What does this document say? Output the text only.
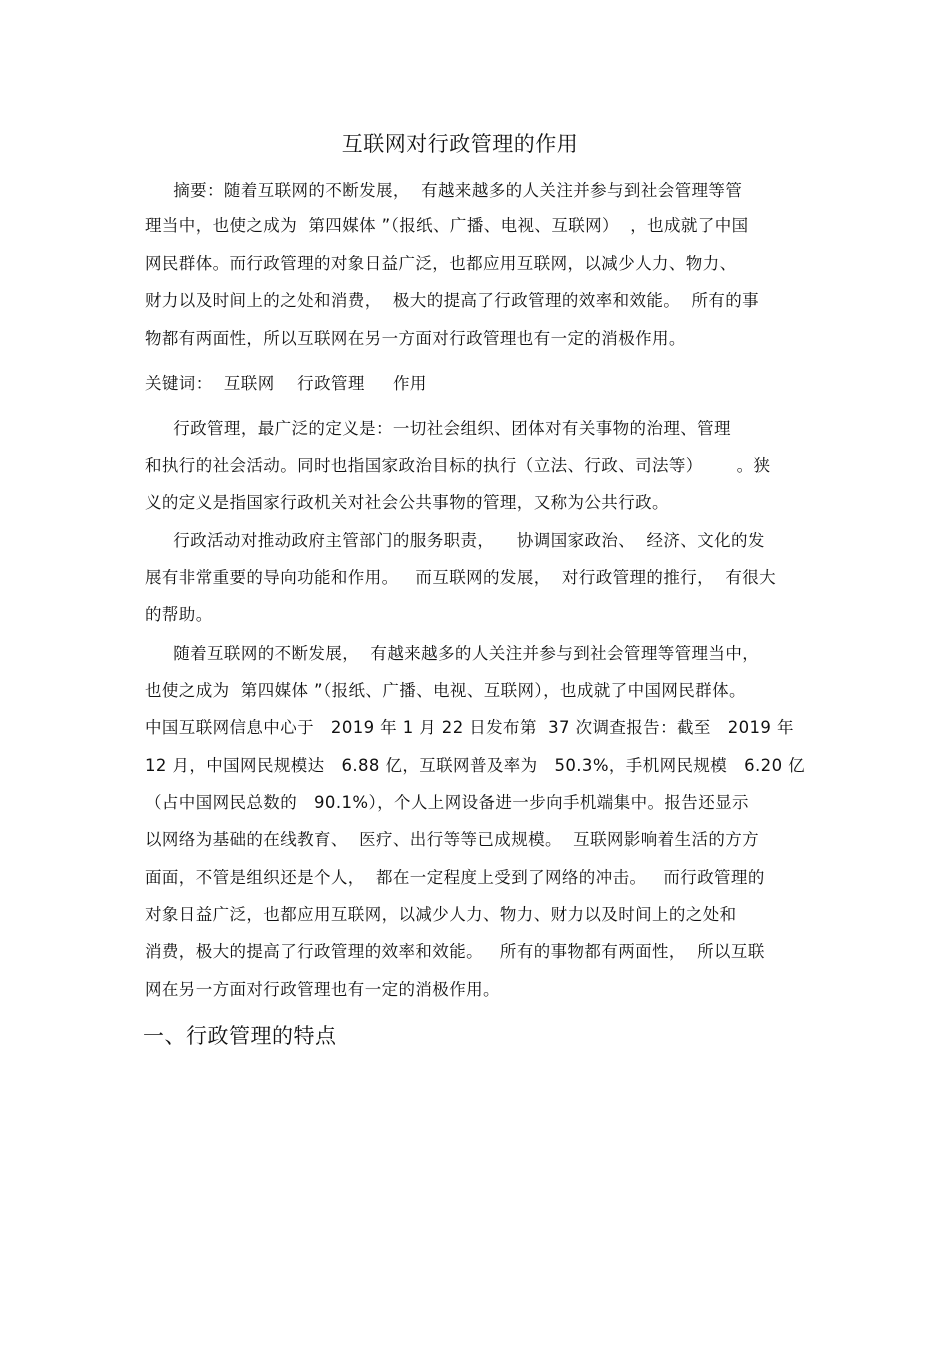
互联网对行政管理的作用
摘要：随着互联网的不断发展，  有越来越多的人关注并参与到社会管理等管
理当中，也使之成为  第四媒体 ”（报纸、广播、电视、互联网）  ，也成就了中国
网民群体。而行政管理的对象日益广泛，也都应用互联网，以减少人力、物力、
财力以及时间上的之处和消费，  极大的提高了行政管理的效率和效能。  所有的事
物都有两面性，所以互联网在另一方面对行政管理也有一定的消极作用。
关键词：  互联网    行政管理     作用
行政管理，最广泛的定义是：一切社会组织、团体对有关事物的治理、管理
和执行的社会活动。同时也指国家政治目标的执行（立法、行政、司法等）      。狭
义的定义是指国家行政机关对社会公共事物的管理，又称为公共行政。
行政活动对推动政府主管部门的服务职责，    协调国家政治、  经济、文化的发
展有非常重要的导向功能和作用。   而互联网的发展，  对行政管理的推行，  有很大
的帮助。
随着互联网的不断发展，  有越来越多的人关注并参与到社会管理等管理当中，
也使之成为  第四媒体 ”（报纸、广播、电视、互联网），也成就了中国网民群体。
中国互联网信息中心于   2019 年 1 月 22 日发布第  37 次调查报告：截至   2019 年
12 月，中国网民规模达   6.88 亿，互联网普及率为   50.3%，手机网民规模   6.20 亿
（占中国网民总数的   90.1%），个人上网设备进一步向手机端集中。报告还显示
以网络为基础的在线教育、  医疗、出行等等已成规模。  互联网影响着生活的方方
面面，不管是组织还是个人，  都在一定程度上受到了网络的冲击。   而行政管理的
对象日益广泛，也都应用互联网，以减少人力、物力、财力以及时间上的之处和
消费，极大的提高了行政管理的效率和效能。   所有的事物都有两面性，  所以互联
网在另一方面对行政管理也有一定的消极作用。
一、行政管理的特点
